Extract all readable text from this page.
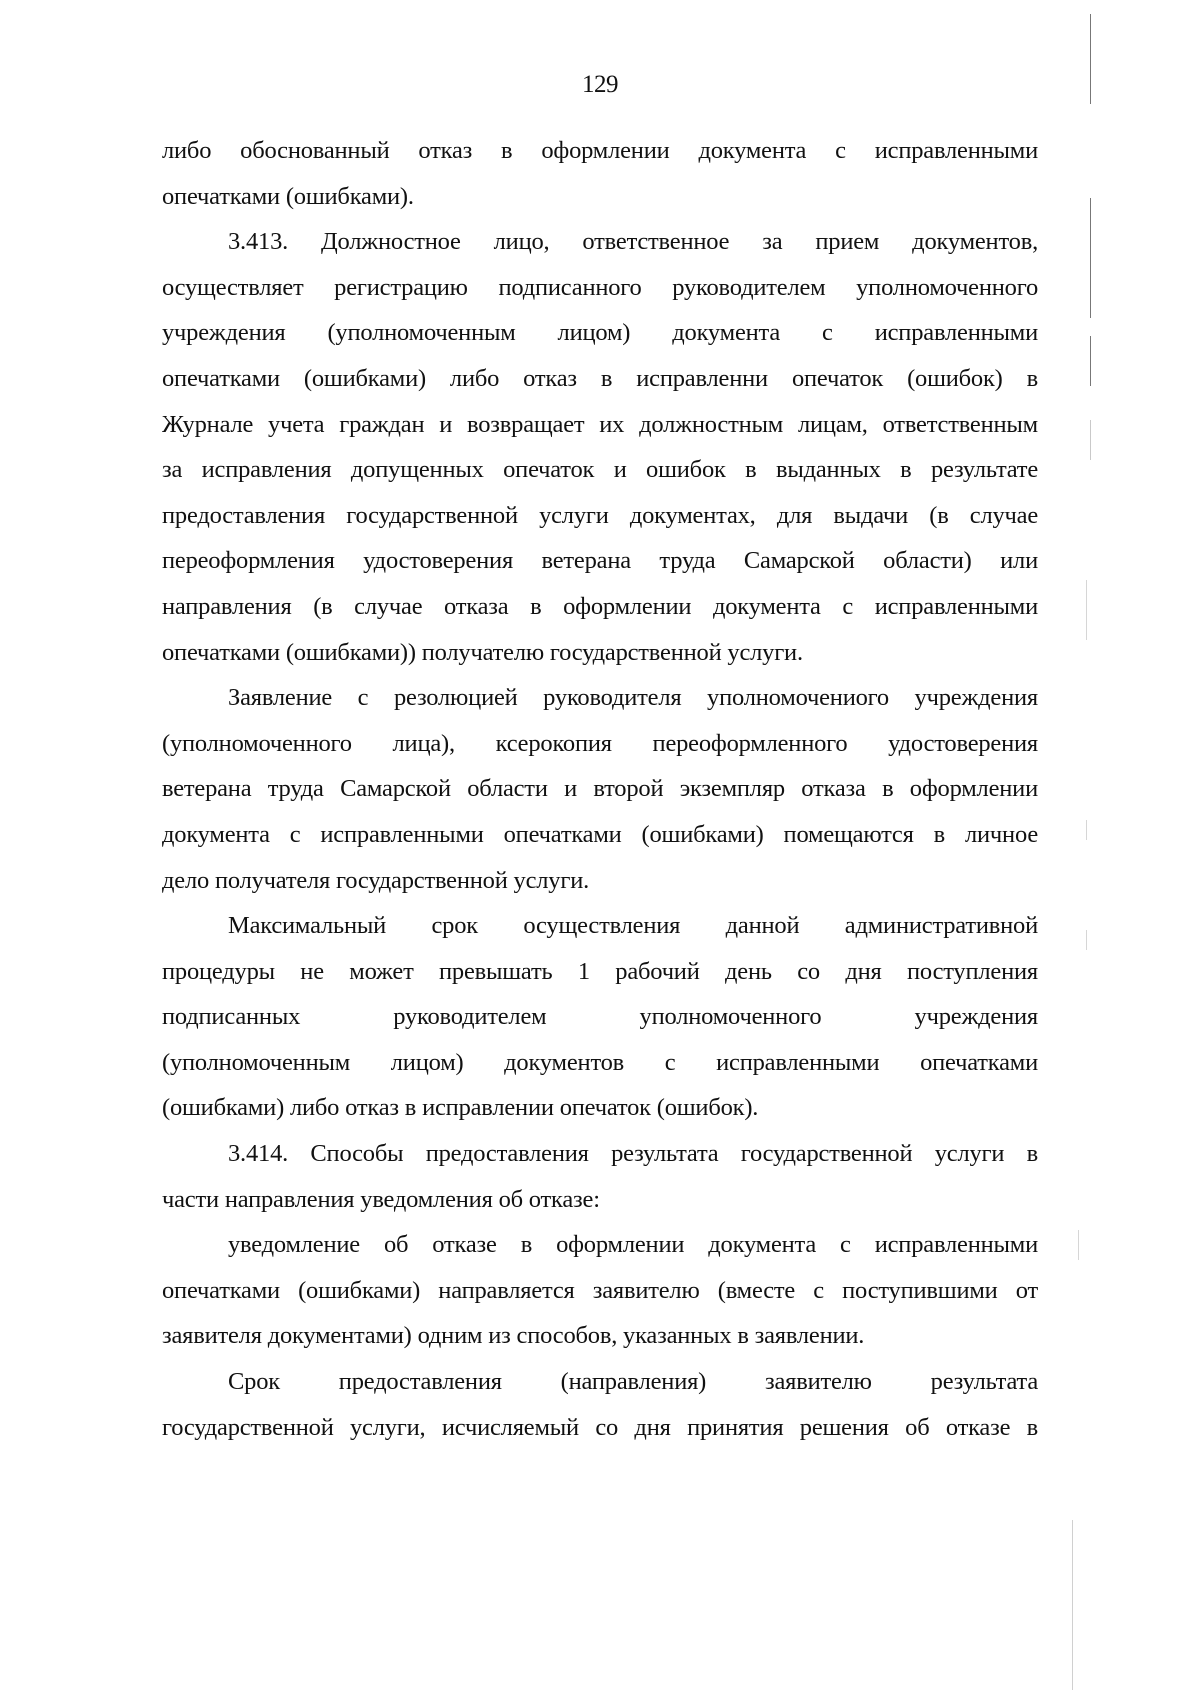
129
либо обоснованный отказ в оформлении документа с исправленными
опечатками (ошибками).
3.413. Должностное лицо, ответственное за прием документов,
осуществляет регистрацию подписанного руководителем уполномоченного
учреждения (уполномоченным лицом) документа с исправленными
опечатками (ошибками) либо отказ в исправленни опечаток (ошибок) в
Журнале учета граждан и возвращает их должностным лицам, ответственным
за исправления допущенных опечаток и ошибок в выданных в результате
предоставления государственной услуги документах, для выдачи (в случае
переоформления удостоверения ветерана труда Самарской области) или
направления (в случае отказа в оформлении документа с исправленными
опечатками (ошибками)) получателю государственной услуги.
Заявление с резолюцией руководителя уполномочениого учреждения
(уполномоченного лица), ксерокопия переоформленного удостоверения
ветерана труда Самарской области и второй экземпляр отказа в оформлении
документа с исправленными опечатками (ошибками) помещаются в личное
дело получателя государственной услуги.
Максимальный срок осуществления данной административной
процедуры не может превышать 1 рабочий день со дня поступления
подписанных руководителем уполномоченного учреждения
(уполномоченным лицом) документов с исправленными опечатками
(ошибками) либо отказ в исправлении опечаток (ошибок).
3.414. Способы предоставления результата государственной услуги в
части направления уведомления об отказе:
уведомление об отказе в оформлении документа с исправленными
опечатками (ошибками) направляется заявителю (вместе с поступившими от
заявителя документами) одним из способов, указанных в заявлении.
Срок предоставления (направления) заявителю результата
государственной услуги, исчисляемый со дня принятия решения об отказе в
